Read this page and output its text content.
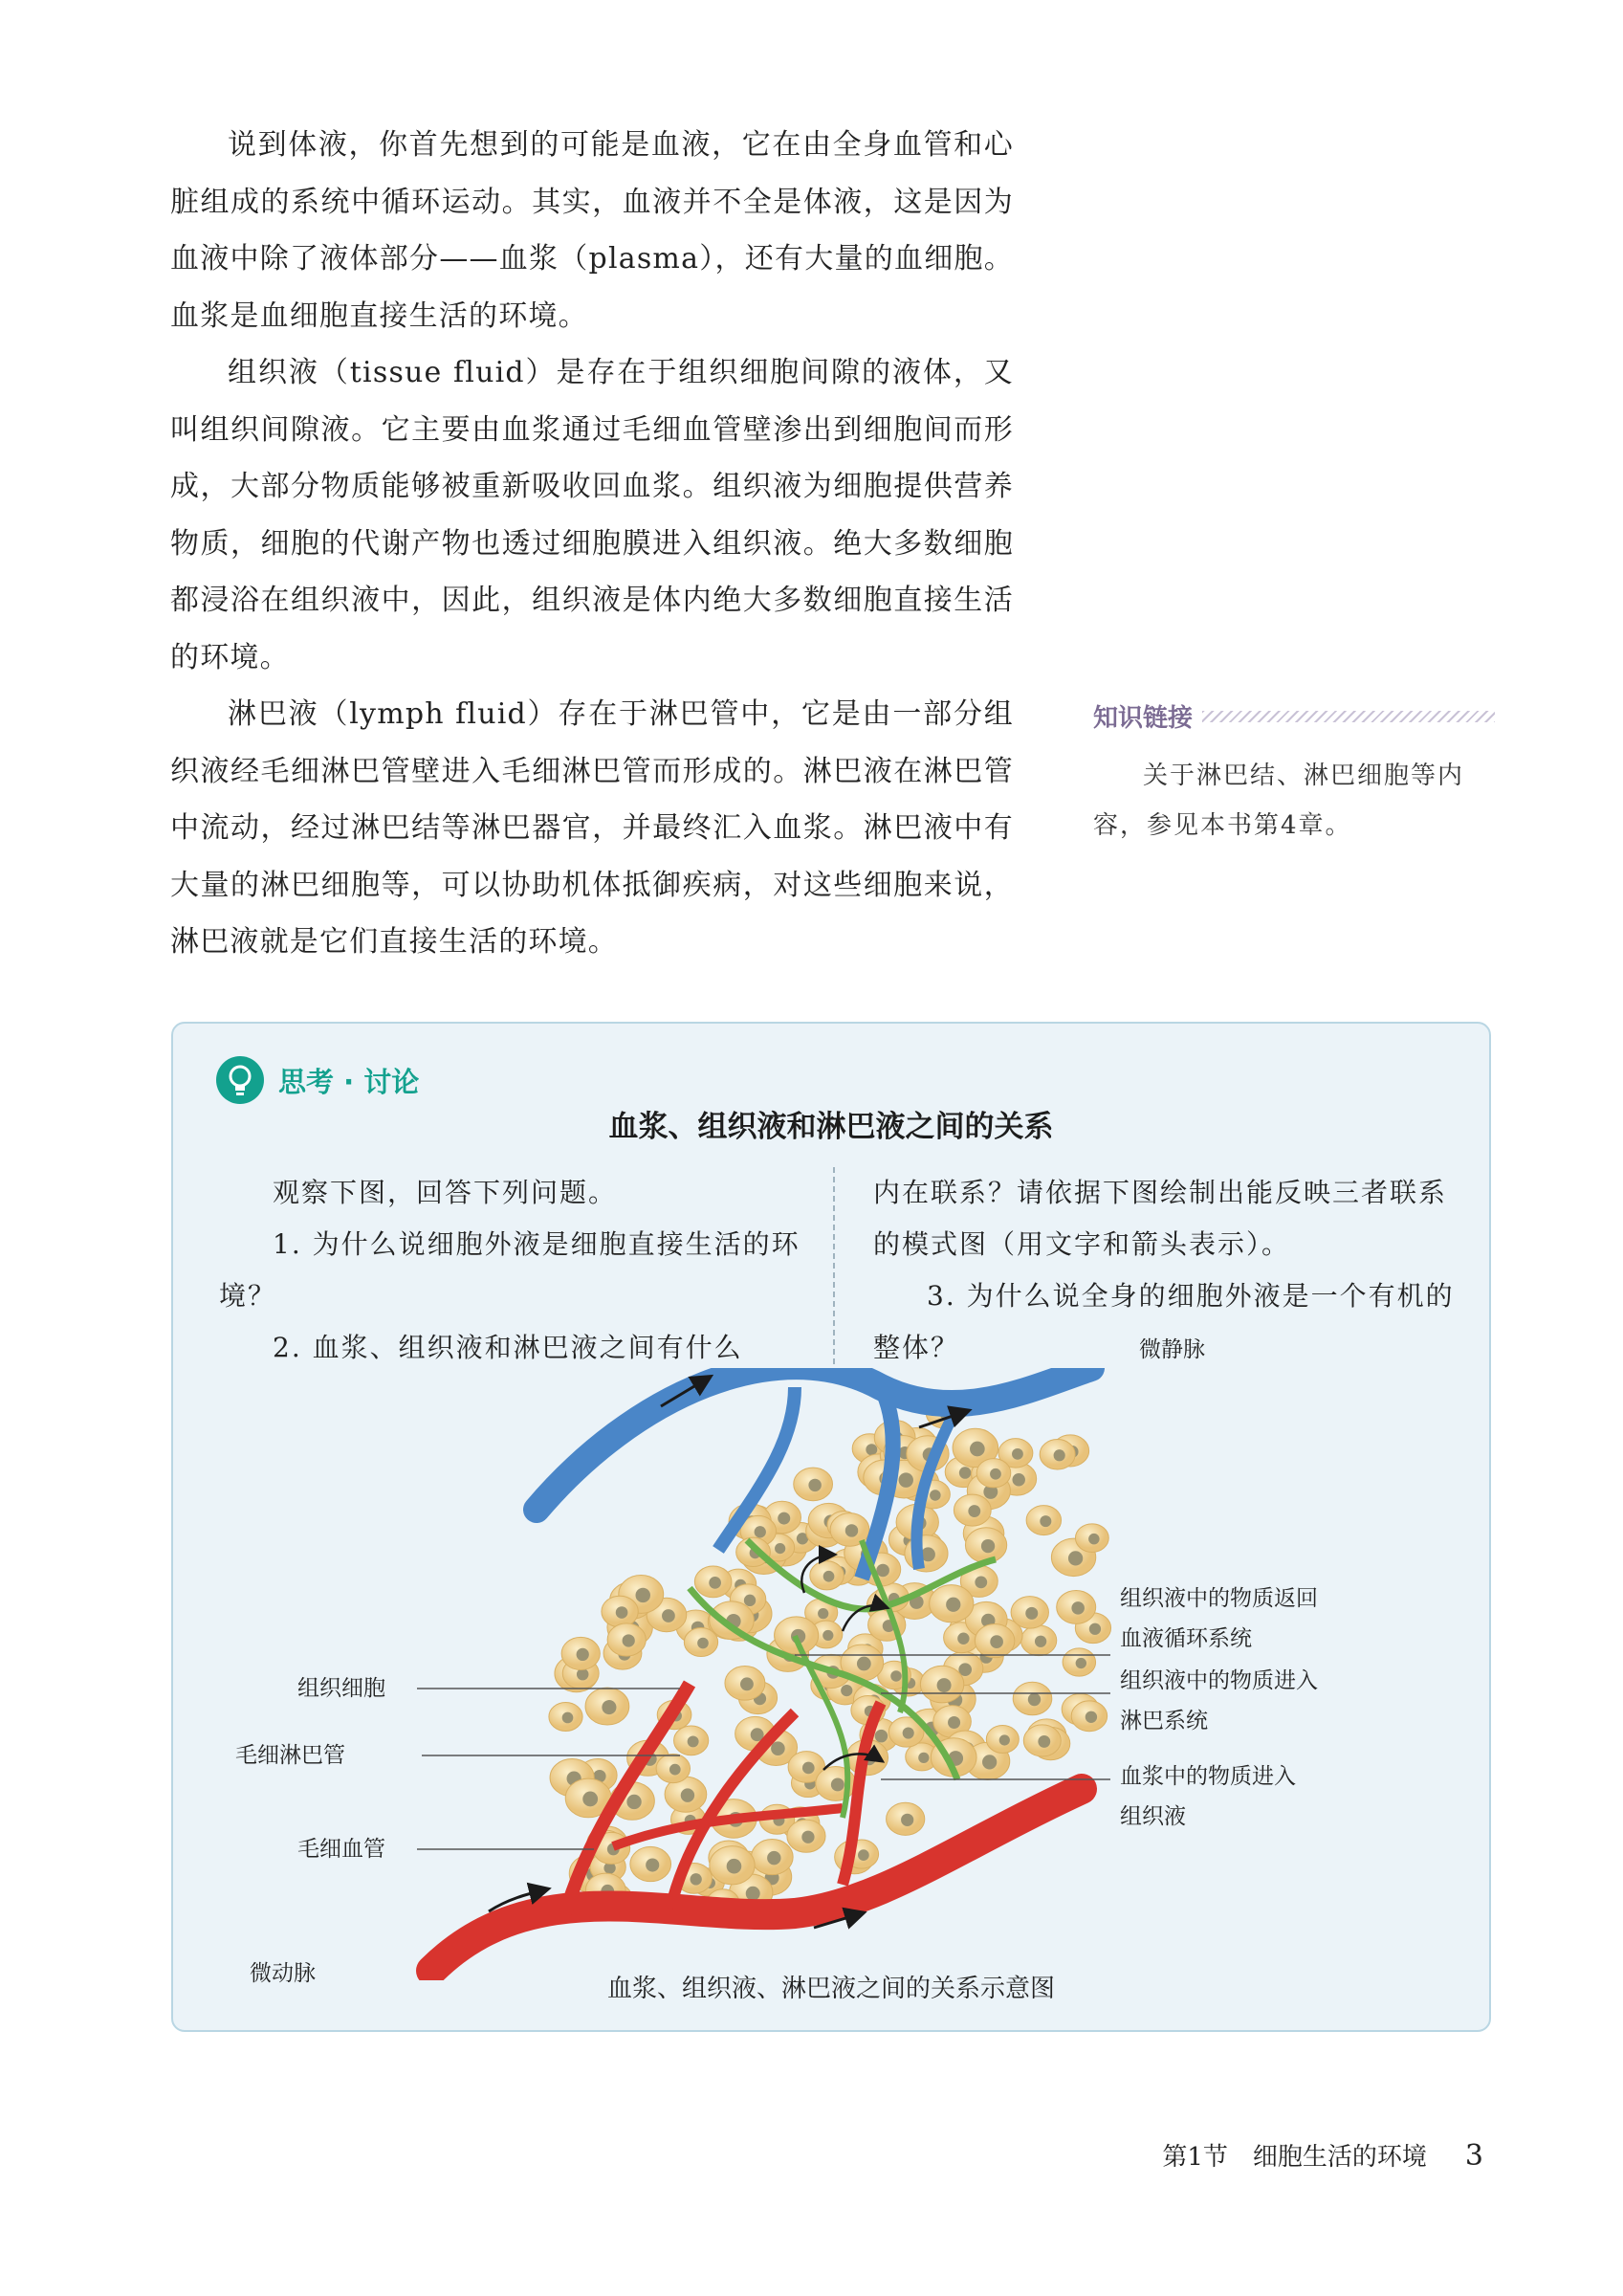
说到体液，你首先想到的可能是血液，它在由全身血管和心脏组成的系统中循环运动。其实，血液并不全是体液，这是因为血液中除了液体部分——血浆（plasma），还有大量的血细胞。血浆是血细胞直接生活的环境。

组织液（tissue fluid）是存在于组织细胞间隙的液体，又叫组织间隙液。它主要由血浆通过毛细血管壁渗出到细胞间而形成，大部分物质能够被重新吸收回血浆。组织液为细胞提供营养物质，细胞的代谢产物也透过细胞膜进入组织液。绝大多数细胞都浸浴在组织液中，因此，组织液是体内绝大多数细胞直接生活的环境。

淋巴液（lymph fluid）存在于淋巴管中，它是由一部分组织液经毛细淋巴管壁进入毛细淋巴管而形成的。淋巴液在淋巴管中流动，经过淋巴结等淋巴器官，并最终汇入血浆。淋巴液中有大量的淋巴细胞等，可以协助机体抵御疾病，对这些细胞来说，淋巴液就是它们直接生活的环境。

知识链接
关于淋巴结、淋巴细胞等内容，参见本书第4章。
思考 · 讨论
血浆、组织液和淋巴液之间的关系

观察下图，回答下列问题。

1. 为什么说细胞外液是细胞直接生活的环境？

2. 血浆、组织液和淋巴液之间有什么

内在联系？请依据下图绘制出能反映三者联系的模式图（用文字和箭头表示）。

3. 为什么说全身的细胞外液是一个有机的整体？	微静脉
微动脉
组织细胞
毛细淋巴管
毛细血管
组织液中的物质返回
血液循环系统
组织液中的物质进入
淋巴系统
血浆中的物质进入
组织液
血浆、组织液、淋巴液之间的关系示意图
第1节　细胞生活的环境 3
